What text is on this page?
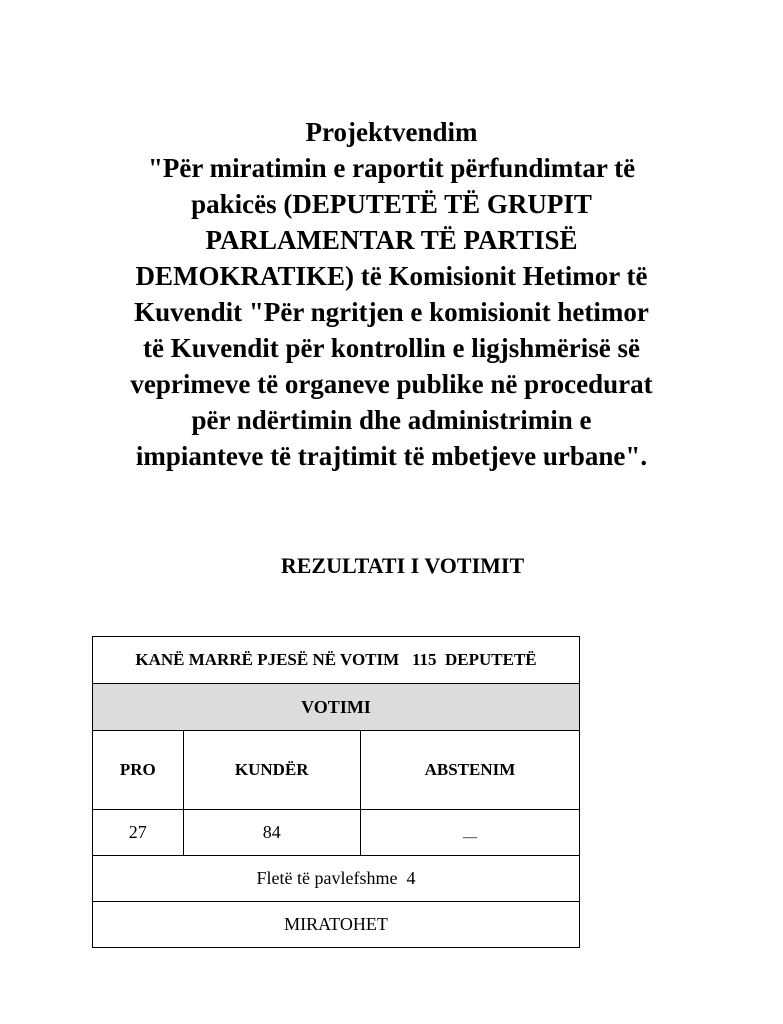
Projektvendim
"Për miratimin e raportit përfundimtar të
pakicës (DEPUTETË TË GRUPIT
PARLAMENTAR TË PARTISË
DEMOKRATIKE) të Komisionit Hetimor të
Kuvendit "Për ngritjen e komisionit hetimor
të Kuvendit për kontrollin e ligjshmërisë së
veprimeve të organeve publike në procedurat
për ndërtimin dhe administrimin e
impianteve të trajtimit të mbetjeve urbane".
REZULTATI I VOTIMIT
KANË MARRË PJESË NË VOTIM 115 DEPUTETË		
VOTIMI		
PRO	KUNDËR	ABSTENIM
27	84	—
Fletë të pavlefshme 4		
MIRATOHET		
